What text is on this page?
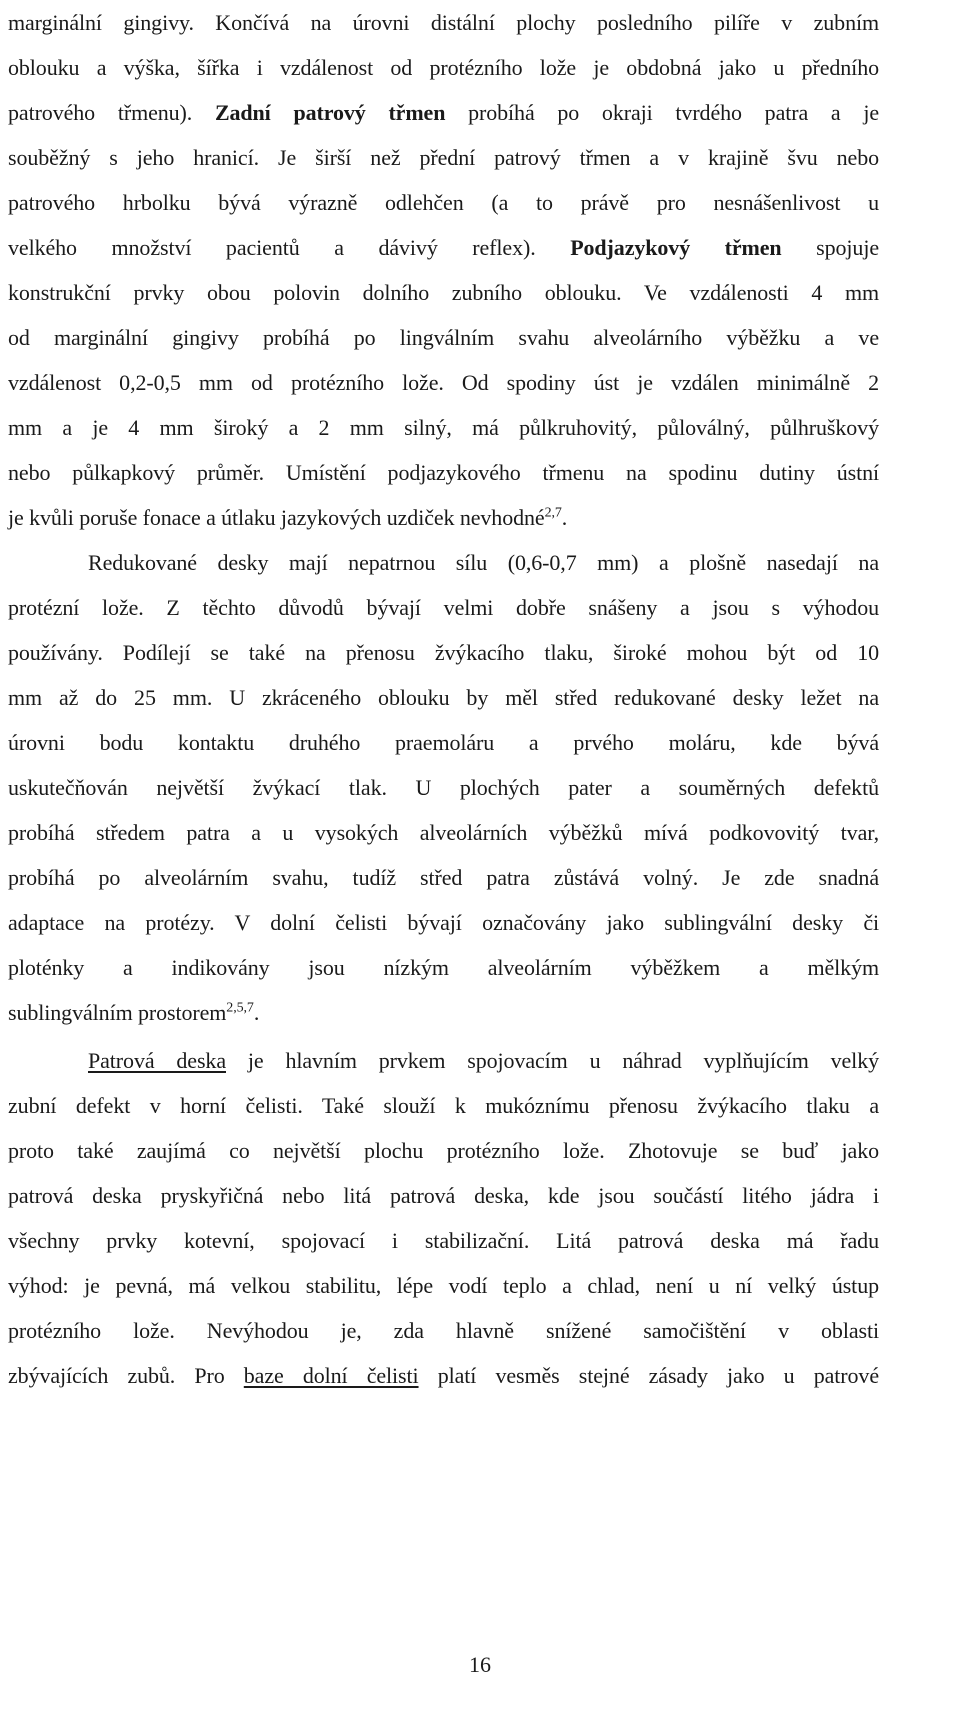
marginální gingivy. Končívá na úrovni distální plochy posledního pilíře v zubním
oblouku a výška, šířka i vzdálenost od protézního lože je obdobná jako u předního
patrového třmenu). Zadní patrový třmen probíhá po okraji tvrdého patra a je
souběžný s jeho hranicí. Je širší než přední patrový třmen a v krajině švu nebo
patrového hrbolku bývá výrazně odlehčen (a to právě pro nesnášenlivost u
velkého množství pacientů a dávivý reflex). Podjazykový třmen spojuje
konstrukční prvky obou polovin dolního zubního oblouku. Ve vzdálenosti 4 mm
od marginální gingivy probíhá po lingválním svahu alveolárního výběžku a ve
vzdálenost 0,2-0,5 mm od protézního lože. Od spodiny úst je vzdálen minimálně 2
mm a je 4 mm široký a 2 mm silný, má půlkruhovitý, půloválný, půlhruškový
nebo půlkapkový průměr. Umístění podjazykového třmenu na spodinu dutiny ústní
je kvůli poruše fonace a útlaku jazykových uzdiček nevhodné$^{2,7}$.
Redukované desky mají nepatrnou sílu (0,6-0,7 mm) a plošně nasedají na
protézní lože. Z těchto důvodů bývají velmi dobře snášeny a jsou s výhodou
používány. Podílejí se také na přenosu žvýkacího tlaku, široké mohou být od 10
mm až do 25 mm. U zkráceného oblouku by měl střed redukované desky ležet na
úrovni bodu kontaktu druhého praemoláru a prvého moláru, kde bývá
uskutečňován největší žvýkací tlak. U plochých pater a souměrných defektů
probíhá středem patra a u vysokých alveolárních výběžků mívá podkovovitý tvar,
probíhá po alveolárním svahu, tudíž střed patra zůstává volný. Je zde snadná
adaptace na protézy. V dolní čelisti bývají označovány jako sublingvální desky či
ploténky a indikovány jsou nízkým alveolárním výběžkem a mělkým
sublingválním prostorem$^{2,5,7}$.
Patrová deska je hlavním prvkem spojovacím u náhrad vyplňujícím velký
zubní defekt v horní čelisti. Také slouží k mukóznímu přenosu žvýkacího tlaku a
proto také zaujímá co největší plochu protézního lože. Zhotovuje se buď jako
patrová deska pryskyřičná nebo litá patrová deska, kde jsou součástí litého jádra i
všechny prvky kotevní, spojovací i stabilizační. Litá patrová deska má řadu
výhod: je pevná, má velkou stabilitu, lépe vodí teplo a chlad, není u ní velký ústup
protézního lože. Nevýhodou je, zda hlavně snížené samočištění v oblasti
zbývajících zubů. Pro baze dolní čelisti platí vesměs stejné zásady jako u patrové
16
